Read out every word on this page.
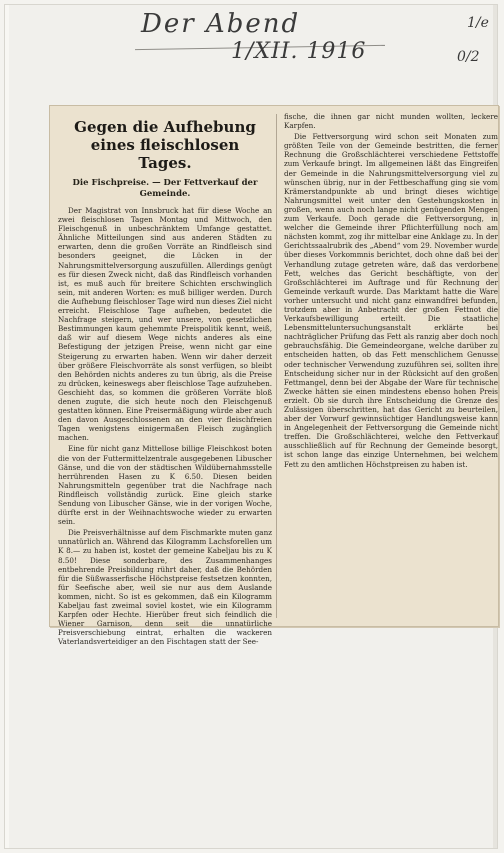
Der Abend
1/XII. 1916
1/e
0/2
Gegen die Aufhebung eines fleischlosen Tages.
Die Fischpreise. — Der Fettverkauf der Gemeinde.

Der Magistrat von Innsbruck hat für diese Woche an zwei fleischlosen Tagen Montag und Mittwoch, den Fleischgenuß in unbeschränktem Umfange gestattet. Ähnliche Mitteilungen sind aus anderen Städten zu erwarten, denn die großen Vorräte an Rindfleisch sind besonders geeignet, die Lücken in der Nahrungsmittelversorgung auszufüllen. Allerdings genügt es für diesen Zweck nicht, daß das Rindfleisch vorhanden ist, es muß auch für breitere Schichten erschwinglich sein, mit anderen Worten: es muß billiger werden. Durch die Aufhebung fleischloser Tage wird nun dieses Ziel nicht erreicht. Fleischlose Tage aufheben, bedeutet die Nachfrage steigern, und wer unsere, von gesetzlichen Bestimmungen kaum gehemmte Preispolitik kennt, weiß, daß wir auf diesem Wege nichts anderes als eine Befestigung der jetzigen Preise, wenn nicht gar eine Steigerung zu erwarten haben. Wenn wir daher derzeit über größere Fleischvorräte als sonst verfügen, so bleibt den Behörden nichts anderes zu tun übrig, als die Preise zu drücken, keineswegs aber fleischlose Tage aufzuheben. Geschieht das, so kommen die größeren Vorräte bloß denen zugute, die sich heute noch den Fleischgenuß gestatten können. Eine Preisermäßigung würde aber auch den davon Ausgeschlossenen an den vier fleischfreien Tagen wenigstens einigermaßen Fleisch zugänglich machen.

Eine für nicht ganz Mittellose billige Fleischkost boten die von der Futtermittelzentrale ausgegebenen Libuscher Gänse, und die von der städtischen Wildübernahmsstelle herrührenden Hasen zu K 6.50. Diesen beiden Nahrungsmitteln gegenüber trat die Nachfrage nach Rindfleisch vollständig zurück. Eine gleich starke Sendung von Libuscher Gänse, wie in der vorigen Woche, dürfte erst in der Weihnachtswoche wieder zu erwarten sein.

Die Preisverhältnisse auf dem Fischmarkte muten ganz unnatürlich an. Während das Kilogramm Lachsforellen um K 8.— zu haben ist, kostet der gemeine Kabeljau bis zu K 8.50! Diese sonderbare, des Zusammenhanges entbehrende Preisbildung rührt daher, daß die Behörden für die Süßwasserfische Höchstpreise festsetzen konnten, für Seefische aber, weil sie nur aus dem Auslande kommen, nicht. So ist es gekommen, daß ein Kilogramm Kabeljau fast zweimal soviel kostet, wie ein Kilogramm Karpfen oder Hechte. Hierüber freut sich feindlich die Wiener Garnison, denn seit die unnatürliche Preisverschiebung eintrat, erhalten die wackeren Vaterlandsverteidiger an den Fischtagen statt der See-

fische, die ihnen gar nicht munden wollten, leckere Karpfen.

Die Fettversorgung wird schon seit Monaten zum größten Teile von der Gemeinde bestritten, die ferner Rechnung die Großschlächterei verschiedene Fettstoffe zum Verkaufe bringt. Im allgemeinen läßt das Eingreifen der Gemeinde in die Nahrungsmittelversorgung viel zu wünschen übrig, nur in der Fettbeschaffung ging sie vom Krämerstandpunkte ab und bringt dieses wichtige Nahrungsmittel weit unter den Gestehungskosten in großen, wenn auch noch lange nicht genügenden Mengen zum Verkaufe. Doch gerade die Fettversorgung, in welcher die Gemeinde ihrer Pflichterfüllung noch am nächsten kommt, zog ihr mittelbar eine Anklage zu. In der Gerichtssaalrubrik des „Abend“ vom 29. November wurde über dieses Vorkommnis berichtet, doch ohne daß bei der Verhandlung zutage getreten wäre, daß das verdorbene Fett, welches das Gericht beschäftigte, von der Großschlächterei im Auftrage und für Rechnung der Gemeinde verkauft wurde. Das Marktamt hatte die Ware vorher untersucht und nicht ganz einwandfrei befunden, trotzdem aber in Anbetracht der großen Fettnot die Verkaufsbewilligung erteilt. Die staatliche Lebensmitteluntersuchungsanstalt erklärte bei nachträglicher Prüfung das Fett als ranzig aber doch noch gebrauchsfähig. Die Gemeindeorgane, welche darüber zu entscheiden hatten, ob das Fett menschlichem Genusse oder technischer Verwendung zuzuführen sei, sollten ihre Entscheidung sicher nur in der Rücksicht auf den großen Fettmangel, denn bei der Abgabe der Ware für technische Zwecke hätten sie einen mindestens ebenso hohen Preis erzielt. Ob sie durch ihre Entscheidung die Grenze des Zulässigen überschritten, hat das Gericht zu beurteilen, aber der Vorwurf gewinnsüchtiger Handlungsweise kann in Angelegenheit der Fettversorgung die Gemeinde nicht treffen. Die Großschlächterei, welche den Fettverkauf ausschließlich auf für Rechnung der Gemeinde besorgt, ist schon lange das einzige Unternehmen, bei welchem Fett zu den amtlichen Höchstpreisen zu haben ist.
